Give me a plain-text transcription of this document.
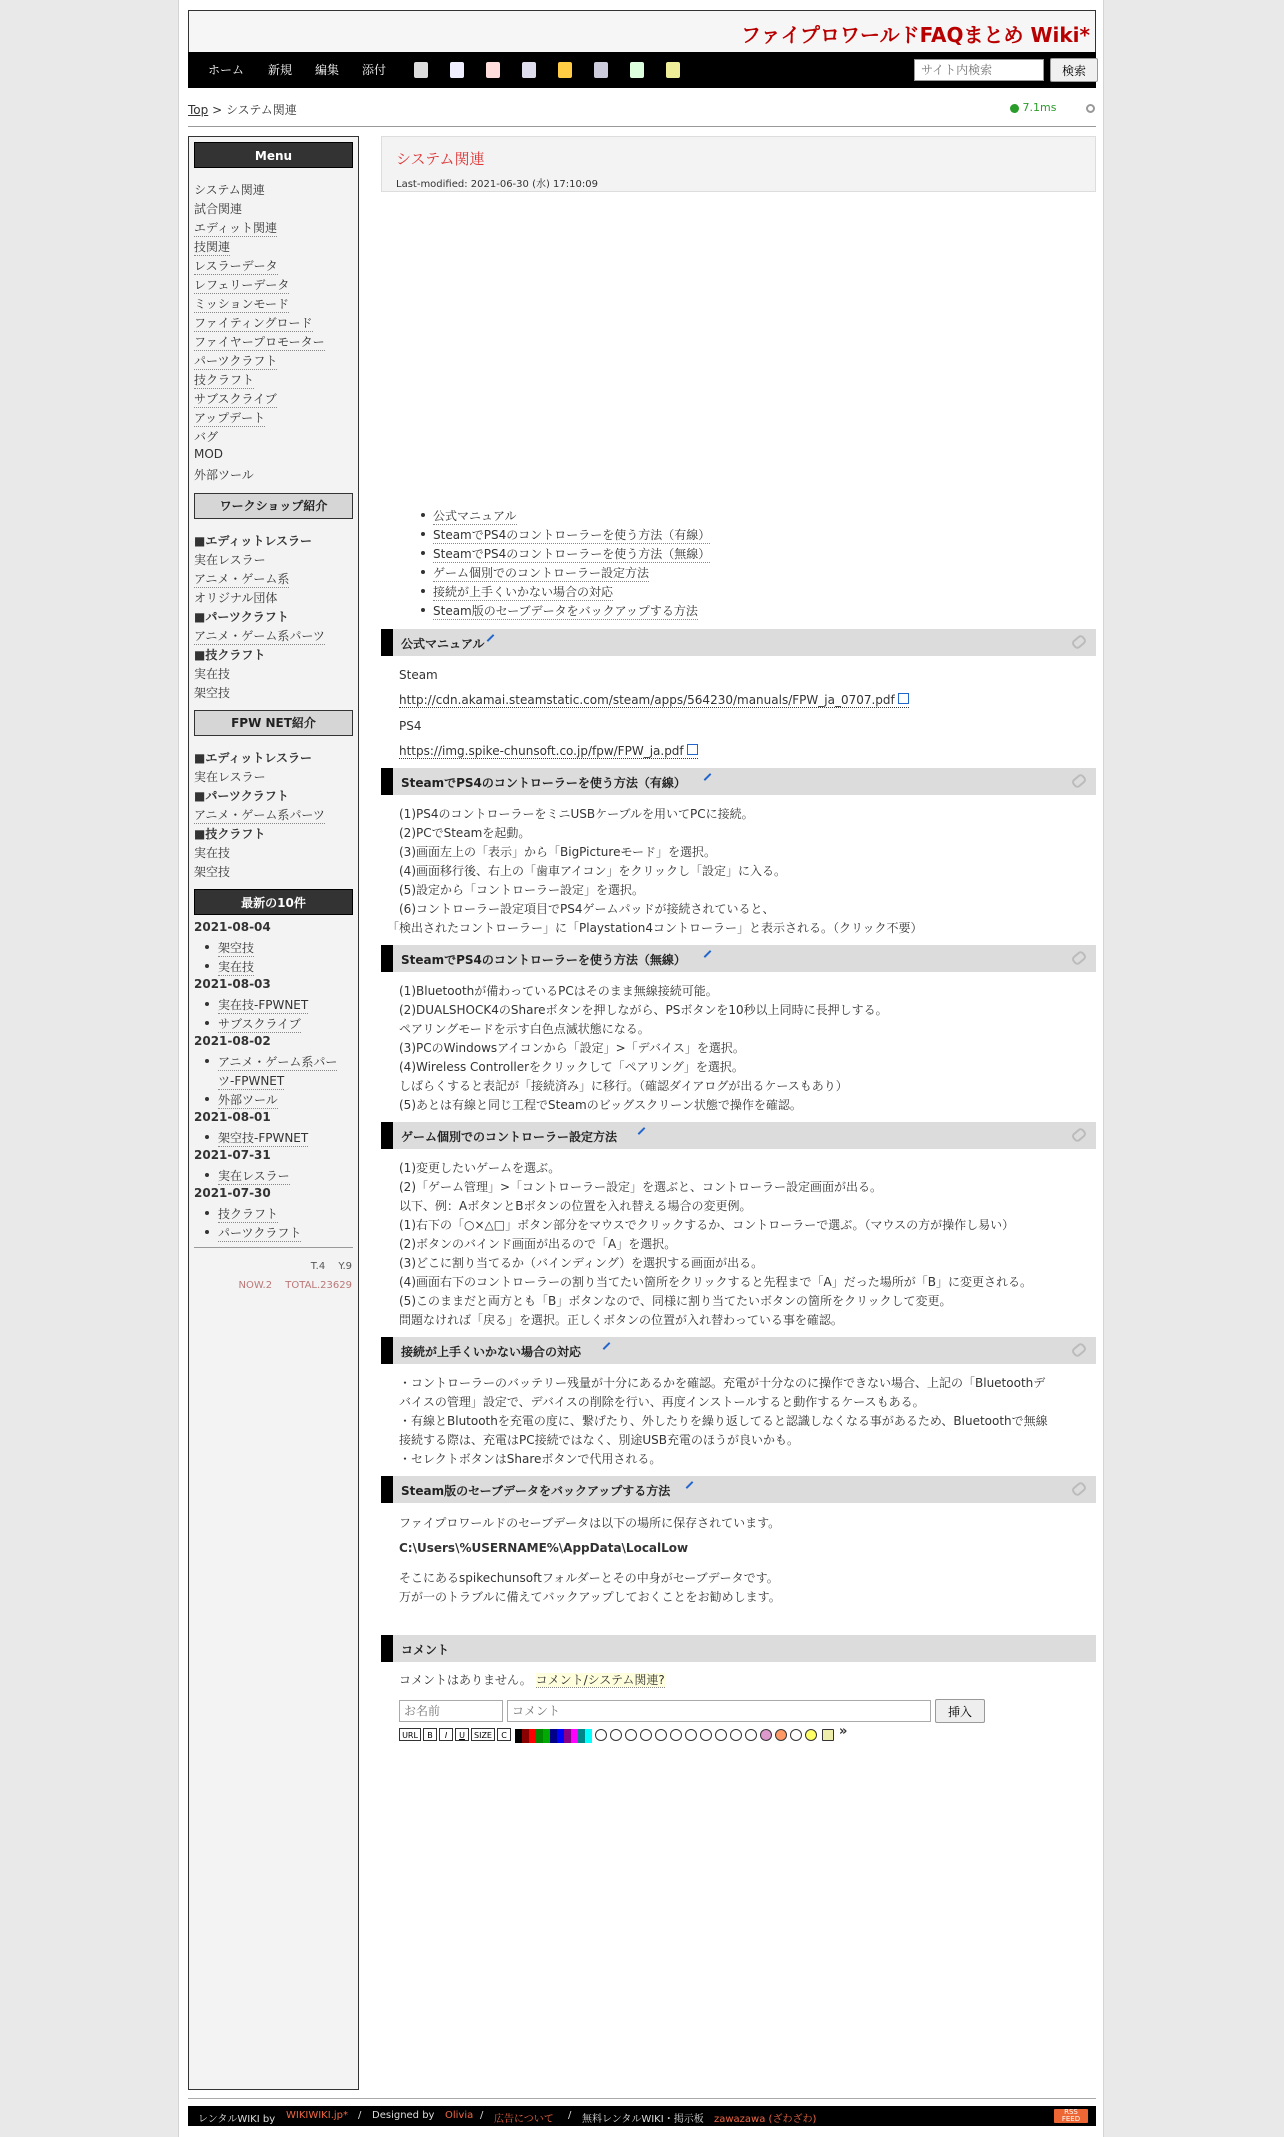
ファイプロワールドFAQまとめ Wiki*
ホーム 新規 編集 添付
サイト内検索	検索
Top > システム関連	7.1ms
Menu
システム関連
試合関連
エディット関連
技関連
レスラーデータ
レフェリーデータ
ミッションモード
ファイティングロード
ファイヤープロモーター
パーツクラフト
技クラフト
サブスクライブ
アップデート
バグ
MOD
外部ツール
ワークショップ紹介
■エディットレスラー
実在レスラー
アニメ・ゲーム系
オリジナル団体
■パーツクラフト
アニメ・ゲーム系パーツ
■技クラフト
実在技
架空技
FPW NET紹介
■エディットレスラー
実在レスラー
■パーツクラフト
アニメ・ゲーム系パーツ
■技クラフト
実在技
架空技
最新の10件
2021-08-04
架空技
実在技
2021-08-03
実在技-FPWNET
サブスクライブ
2021-08-02
アニメ・ゲーム系パー
ツ-FPWNET
外部ツール
2021-08-01
架空技-FPWNET
2021-07-31
実在レスラー
2021-07-30
技クラフト
パーツクラフト
T.4　 Y.9
NOW.2　 TOTAL.23629
システム関連
Last-modified: 2021-06-30 (水) 17:10:09
公式マニュアル
SteamでPS4のコントローラーを使う方法（有線）
SteamでPS4のコントローラーを使う方法（無線）
ゲーム個別でのコントローラー設定方法
接続が上手くいかない場合の対応
Steam版のセーブデータをバックアップする方法
公式マニュアル
Steam
http://cdn.akamai.steamstatic.com/steam/apps/564230/manuals/FPW_ja_0707.pdf
PS4
https://img.spike-chunsoft.co.jp/fpw/FPW_ja.pdf
SteamでPS4のコントローラーを使う方法（有線）
(1)PS4のコントローラーをミニUSBケーブルを用いてPCに接続。
(2)PCでSteamを起動。
(3)画面左上の「表示」から「BigPictureモード」を選択。
(4)画面移行後、右上の「歯車アイコン」をクリックし「設定」に入る。
(5)設定から「コントローラー設定」を選択。
(6)コントローラー設定項目でPS4ゲームパッドが接続されていると、
「検出されたコントローラー」に「Playstation4コントローラー」と表示される。（クリック不要）
SteamでPS4のコントローラーを使う方法（無線）
(1)Bluetoothが備わっているPCはそのまま無線接続可能。
(2)DUALSHOCK4のShareボタンを押しながら、PSボタンを10秒以上同時に長押しする。
ペアリングモードを示す白色点滅状態になる。
(3)PCのWindowsアイコンから「設定」>「デバイス」を選択。
(4)Wireless Controllerをクリックして「ペアリング」を選択。
しばらくすると表記が「接続済み」に移行。（確認ダイアログが出るケースもあり）
(5)あとは有線と同じ工程でSteamのビッグスクリーン状態で操作を確認。
ゲーム個別でのコントローラー設定方法
(1)変更したいゲームを選ぶ。
(2)「ゲーム管理」>「コントローラー設定」を選ぶと、コントローラー設定画面が出る。
以下、例：AボタンとBボタンの位置を入れ替える場合の変更例。
(1)右下の「○×△□」ボタン部分をマウスでクリックするか、コントローラーで選ぶ。（マウスの方が操作し易い）
(2)ボタンのバインド画面が出るので「A」を選択。
(3)どこに割り当てるか（バインディング）を選択する画面が出る。
(4)画面右下のコントローラーの割り当てたい箇所をクリックすると先程まで「A」だった場所が「B」に変更される。
(5)このままだと両方とも「B」ボタンなので、同様に割り当てたいボタンの箇所をクリックして変更。
問題なければ「戻る」を選択。正しくボタンの位置が入れ替わっている事を確認。
接続が上手くいかない場合の対応
・コントローラーのバッテリー残量が十分にあるかを確認。充電が十分なのに操作できない場合、上記の「Bluetoothデ
バイスの管理」設定で、デバイスの削除を行い、再度インストールすると動作するケースもある。
・有線とBlutoothを充電の度に、繋げたり、外したりを繰り返してると認識しなくなる事があるため、Bluetoothで無線
接続する際は、充電はPC接続ではなく、別途USB充電のほうが良いかも。
・セレクトボタンはShareボタンで代用される。
Steam版のセーブデータをバックアップする方法
ファイプロワールドのセーブデータは以下の場所に保存されています。
C:\Users\%USERNAME%\AppData\LocalLow
そこにあるspikechunsoftフォルダーとその中身がセーブデータです。
万が一のトラブルに備えてバックアップしておくことをお勧めします。
コメント
コメントはありません。 コメント/システム関連?
お名前
コメント
挿入
URL	B	I	U	SIZE	C	»
レンタルWIKI by WIKIWIKI.jp* / Designed by Olivia / 広告について / 無料レンタルWIKI・掲示板 zawazawa (ざわざわ)
RSS
FEED
